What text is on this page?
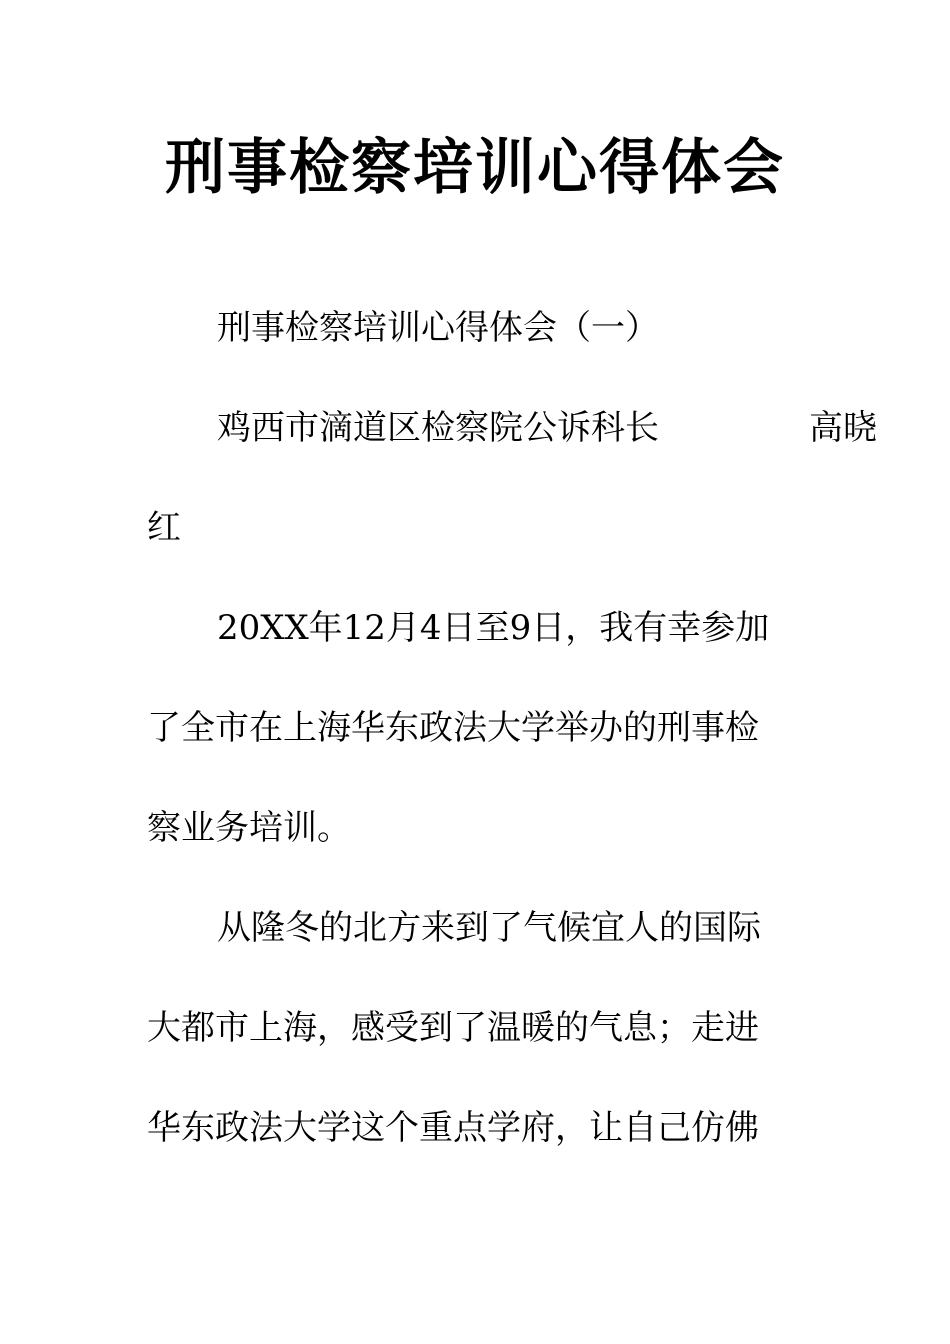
刑事检察培训心得体会
刑事检察培训心得体会（一）
鸡西市滴道区检察院公诉科长	高晓
红
20XX年12月4日至9日，我有幸参加
了全市在上海华东政法大学举办的刑事检
察业务培训。
从隆冬的北方来到了气候宜人的国际
大都市上海，感受到了温暖的气息；走进
华东政法大学这个重点学府，让自己仿佛
